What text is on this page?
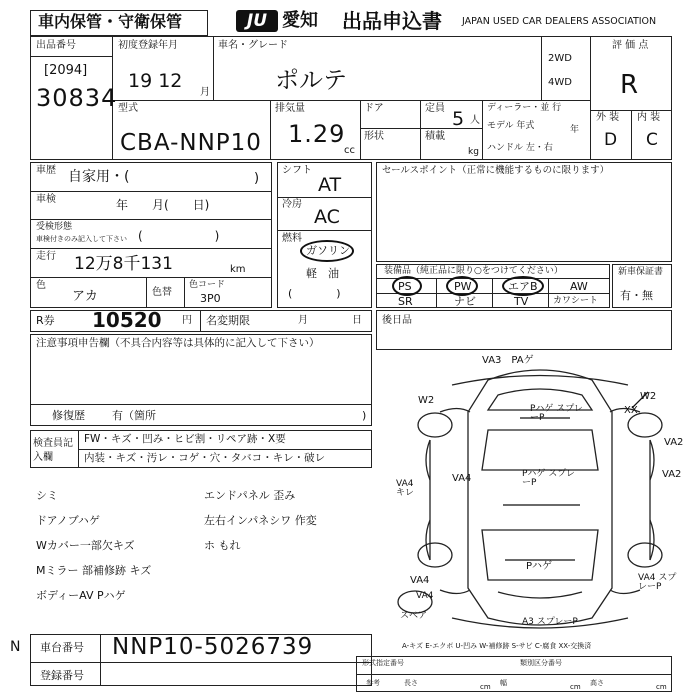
車内保管・守衛保管	JU 愛知 出品申込書 JAPAN USED CAR DEALERS ASSOCIATION
出品番号
[2094]
30834
初度登録年月
19 12
月
車名・グレード
ポルテ
2WD
4WD
評 価 点
R
外 装 内 装
D C
型式
CBA-NNP10
排気量
1.29
cc
ドア
形状
定員 5 人
積載
kg
ディーラー・並 行
モデル 年式	年
ハンドル 左・右
車歴 自家用・(	)
車検	年　　月(　　日)
受検形態
車検付きのみ記入して下さい (　　　　　　)
走行 12万8千131	km
色
アカ	色替
色コード
3P0
シフト
AT
冷房
AC
燃料
ガソリン
軽　油
(　　　　)
セールスポイント（正常に機能するものに限ります）
装備品（純正品に限り○をつけてください）
PS	PW	エアB	AW
SR	ナビ	TV	カワシート
新車保証書
有・無
R券 10520 円 名変期限	月	日 後日品
注意事項申告欄（不具合内容等は具体的に記入して下さい）
修復歴 有（箇所	)
検査員記入欄
FW・キズ・凹み・ヒビ割・リペア跡・X要
内装・キズ・汚レ・コゲ・穴・タバコ・キレ・破レ
シミ
ドアノブハゲ
Wカバー一部欠キズ
Mミラー 部補修跡 キズ
ボディーAV Pハゲ
エンドパネル 歪み
左右インパネシワ 作変
ホ もれ
VA3　PAゲ
W2
Pハゲ スプレーP
XX
W2
VA2
VA4
VA4 キレ
Pハゲ スプレーP
VA2
VA4
Pハゲ
VA4
VA4 スプレーP
A3 スプレーP
スペア
A-キズ E-エクボ U-凹み W-補修跡 S-サビ C-腐食 XX-交換済
N 車台番号 NNP10-5026739
登録番号
形式指定番号	類別区分番号
参考	長さ	幅	高さ
cm	cm	cm
